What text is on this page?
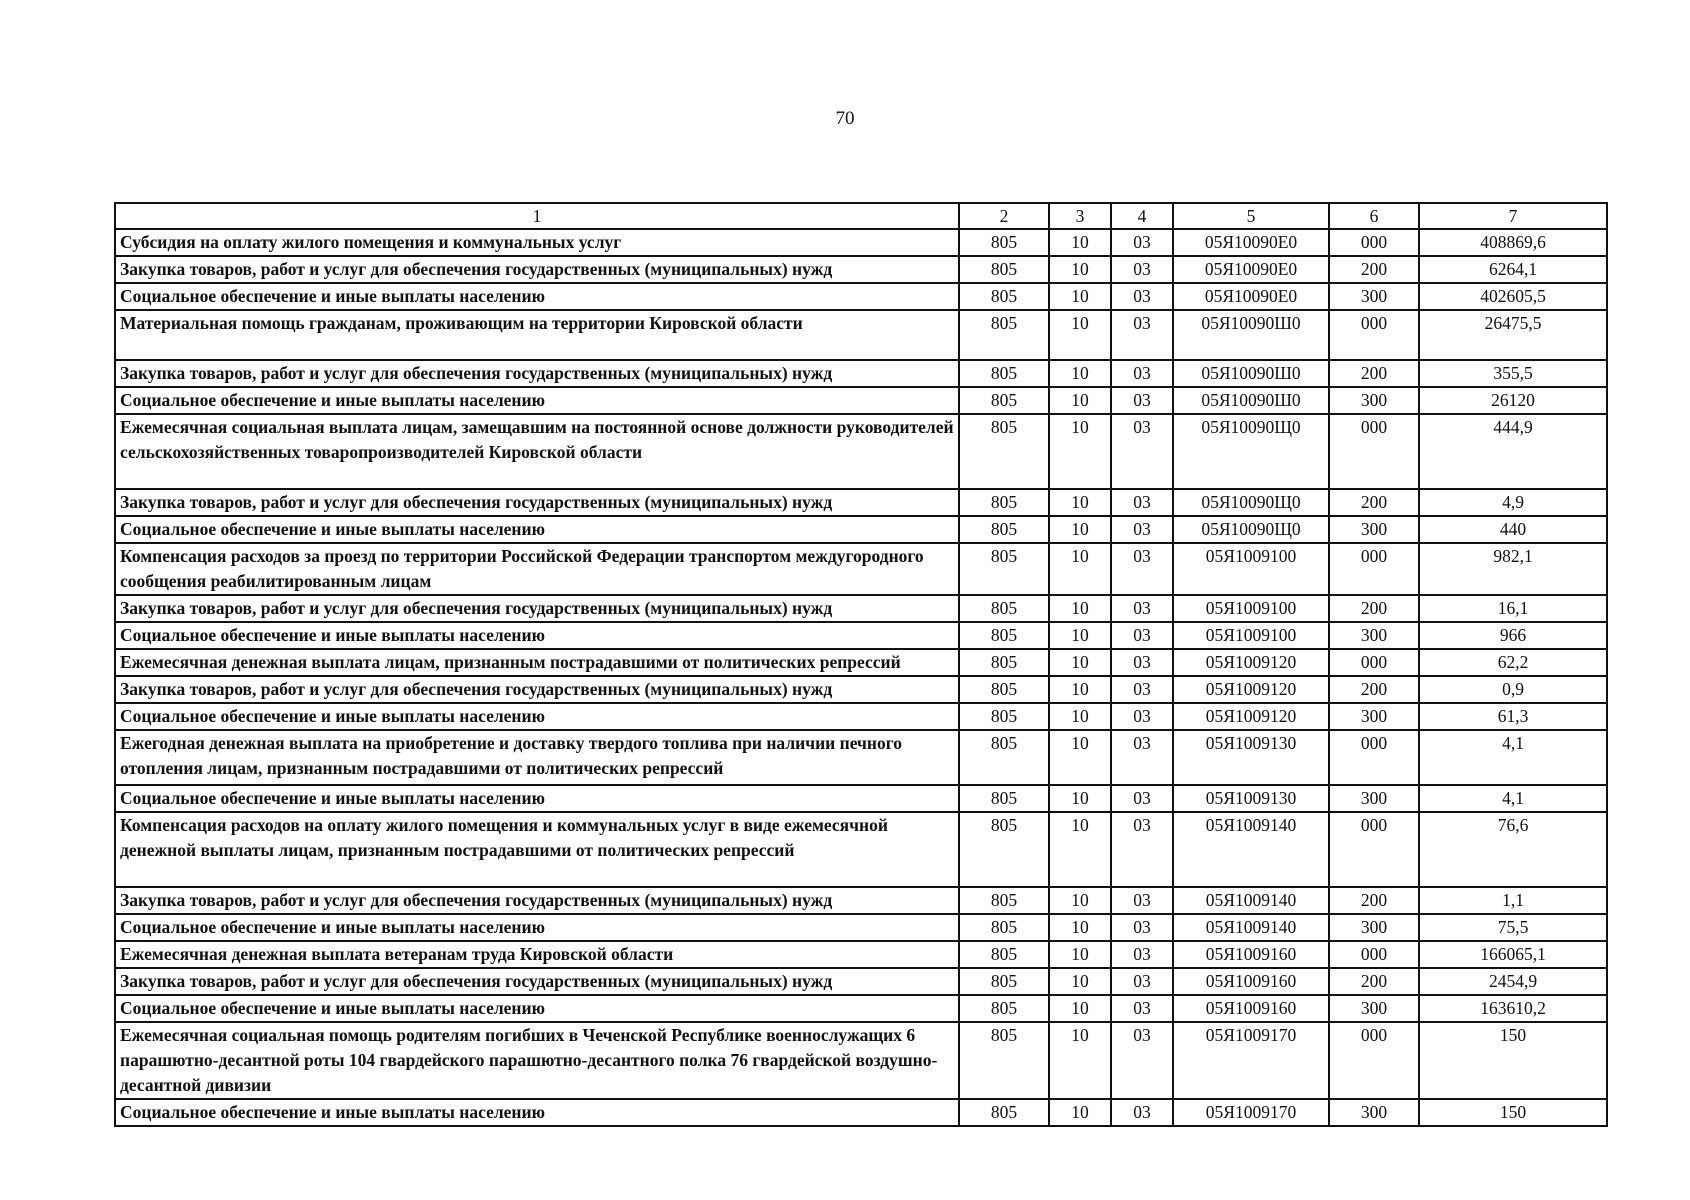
70
1	2	3	4	5	6	7
Субсидия на оплату жилого помещения и коммунальных услуг	805	10	03	05Я10090Е0	000	408869,6
Закупка товаров, работ и услуг для обеспечения государственных (муниципальных) нужд	805	10	03	05Я10090Е0	200	6264,1
Социальное обеспечение и иные выплаты населению	805	10	03	05Я10090Е0	300	402605,5
Материальная помощь гражданам, проживающим на территории Кировской области	805	10	03	05Я10090Ш0	000	26475,5
Закупка товаров, работ и услуг для обеспечения государственных (муниципальных) нужд	805	10	03	05Я10090Ш0	200	355,5
Социальное обеспечение и иные выплаты населению	805	10	03	05Я10090Ш0	300	26120
Ежемесячная социальная выплата лицам, замещавшим на постоянной основе должности руководителей сельскохозяйственных товаропроизводителей Кировской области	805	10	03	05Я10090Щ0	000	444,9
Закупка товаров, работ и услуг для обеспечения государственных (муниципальных) нужд	805	10	03	05Я10090Щ0	200	4,9
Социальное обеспечение и иные выплаты населению	805	10	03	05Я10090Щ0	300	440
Компенсация расходов за проезд по территории Российской Федерации транспортом междугородного сообщения реабилитированным лицам	805	10	03	05Я1009100	000	982,1
Закупка товаров, работ и услуг для обеспечения государственных (муниципальных) нужд	805	10	03	05Я1009100	200	16,1
Социальное обеспечение и иные выплаты населению	805	10	03	05Я1009100	300	966
Ежемесячная денежная выплата лицам, признанным пострадавшими от политических репрессий	805	10	03	05Я1009120	000	62,2
Закупка товаров, работ и услуг для обеспечения государственных (муниципальных) нужд	805	10	03	05Я1009120	200	0,9
Социальное обеспечение и иные выплаты населению	805	10	03	05Я1009120	300	61,3
Ежегодная денежная выплата на приобретение и доставку твердого топлива при наличии печного отопления лицам, признанным пострадавшими от политических репрессий	805	10	03	05Я1009130	000	4,1
Социальное обеспечение и иные выплаты населению	805	10	03	05Я1009130	300	4,1
Компенсация расходов на оплату жилого помещения и коммунальных услуг в виде ежемесячной денежной выплаты лицам, признанным пострадавшими от политических репрессий	805	10	03	05Я1009140	000	76,6
Закупка товаров, работ и услуг для обеспечения государственных (муниципальных) нужд	805	10	03	05Я1009140	200	1,1
Социальное обеспечение и иные выплаты населению	805	10	03	05Я1009140	300	75,5
Ежемесячная денежная выплата ветеранам труда Кировской области	805	10	03	05Я1009160	000	166065,1
Закупка товаров, работ и услуг для обеспечения государственных (муниципальных) нужд	805	10	03	05Я1009160	200	2454,9
Социальное обеспечение и иные выплаты населению	805	10	03	05Я1009160	300	163610,2
Ежемесячная социальная помощь родителям погибших в Чеченской Республике военнослужащих 6 парашютно-десантной роты 104 гвардейского парашютно-десантного полка 76 гвардейской воздушно-десантной дивизии	805	10	03	05Я1009170	000	150
Социальное обеспечение и иные выплаты населению	805	10	03	05Я1009170	300	150
